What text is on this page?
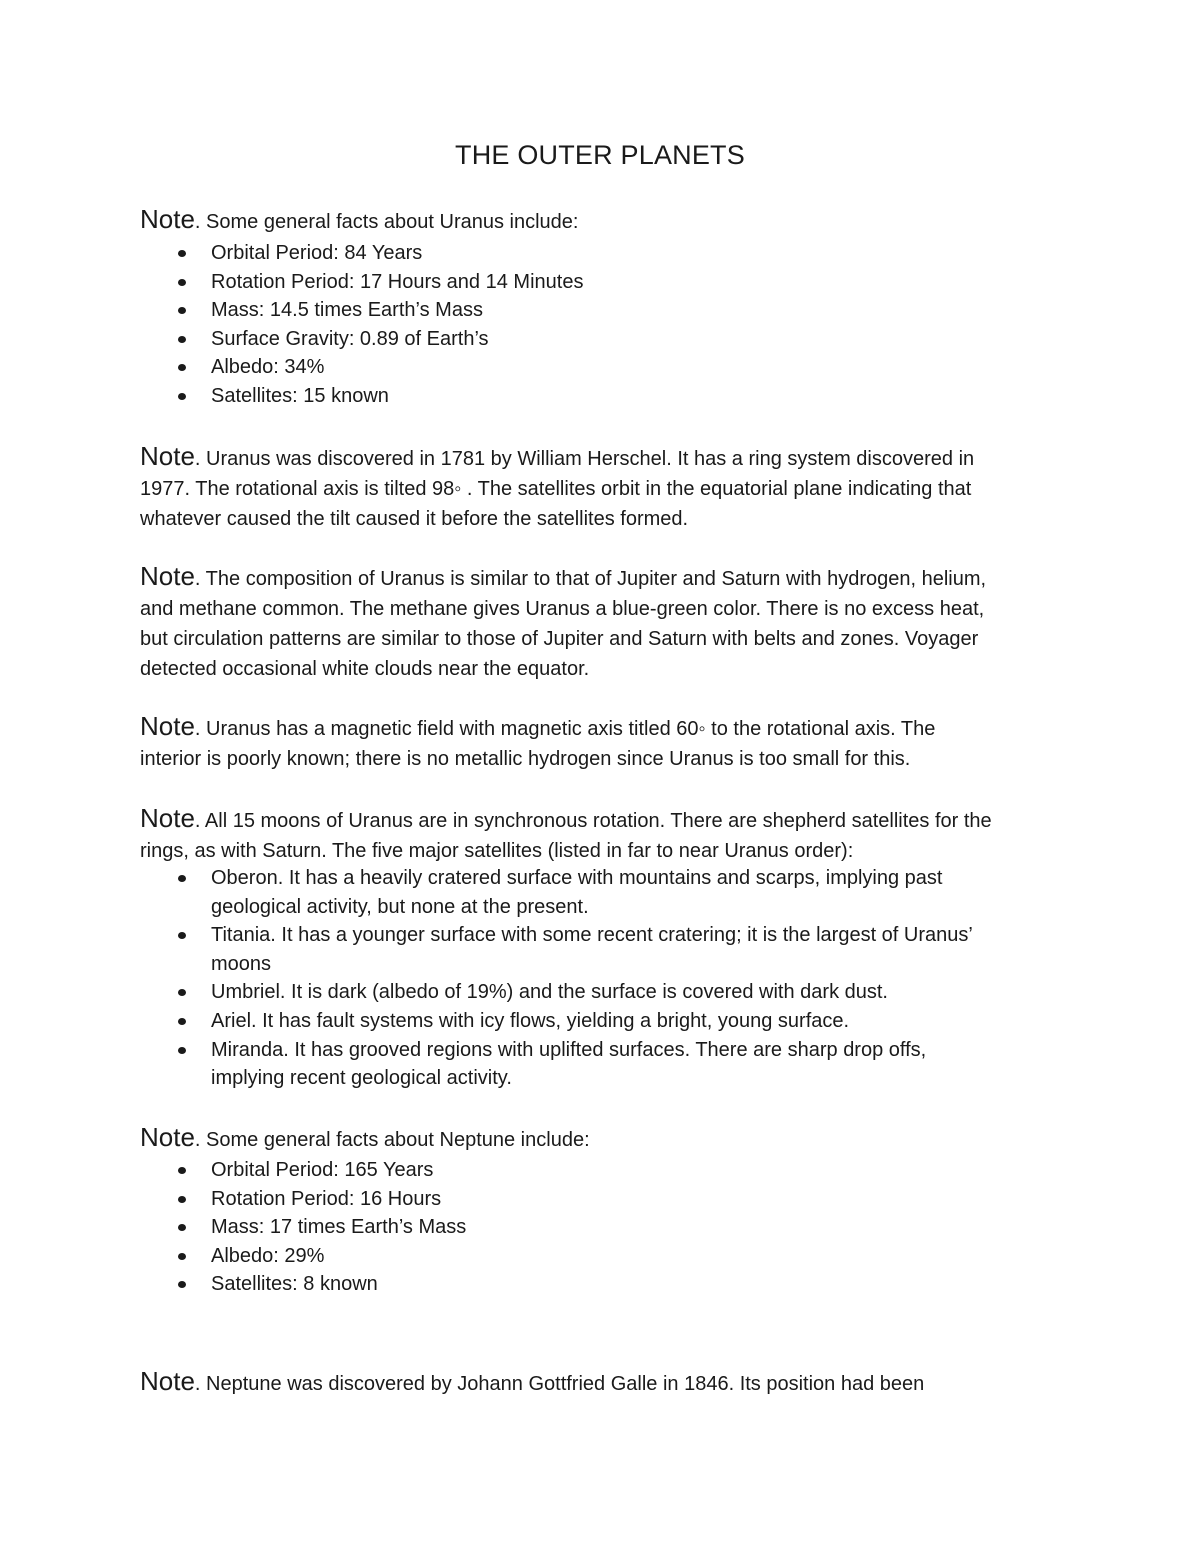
THE OUTER PLANETS
Note. Some general facts about Uranus include:
Orbital Period: 84 Years
Rotation Period: 17 Hours and 14 Minutes
Mass: 14.5 times Earth’s Mass
Surface Gravity: 0.89 of Earth’s
Albedo: 34%
Satellites: 15 known
Note. Uranus was discovered in 1781 by William Herschel. It has a ring system discovered in
1977. The rotational axis is tilted 98◦ . The satellites orbit in the equatorial plane indicating that
whatever caused the tilt caused it before the satellites formed.
Note. The composition of Uranus is similar to that of Jupiter and Saturn with hydrogen, helium,
and methane common. The methane gives Uranus a blue-green color. There is no excess heat,
but circulation patterns are similar to those of Jupiter and Saturn with belts and zones. Voyager
detected occasional white clouds near the equator.
Note. Uranus has a magnetic field with magnetic axis titled 60◦ to the rotational axis. The
interior is poorly known; there is no metallic hydrogen since Uranus is too small for this.
Note. All 15 moons of Uranus are in synchronous rotation. There are shepherd satellites for the
rings, as with Saturn. The five major satellites (listed in far to near Uranus order):
Oberon. It has a heavily cratered surface with mountains and scarps, implying past
geological activity, but none at the present.
Titania. It has a younger surface with some recent cratering; it is the largest of Uranus’
moons
Umbriel. It is dark (albedo of 19%) and the surface is covered with dark dust.
Ariel. It has fault systems with icy flows, yielding a bright, young surface.
Miranda. It has grooved regions with uplifted surfaces. There are sharp drop offs,
implying recent geological activity.
Note. Some general facts about Neptune include:
Orbital Period: 165 Years
Rotation Period: 16 Hours
Mass: 17 times Earth’s Mass
Albedo: 29%
Satellites: 8 known
Note. Neptune was discovered by Johann Gottfried Galle in 1846. Its position had been
